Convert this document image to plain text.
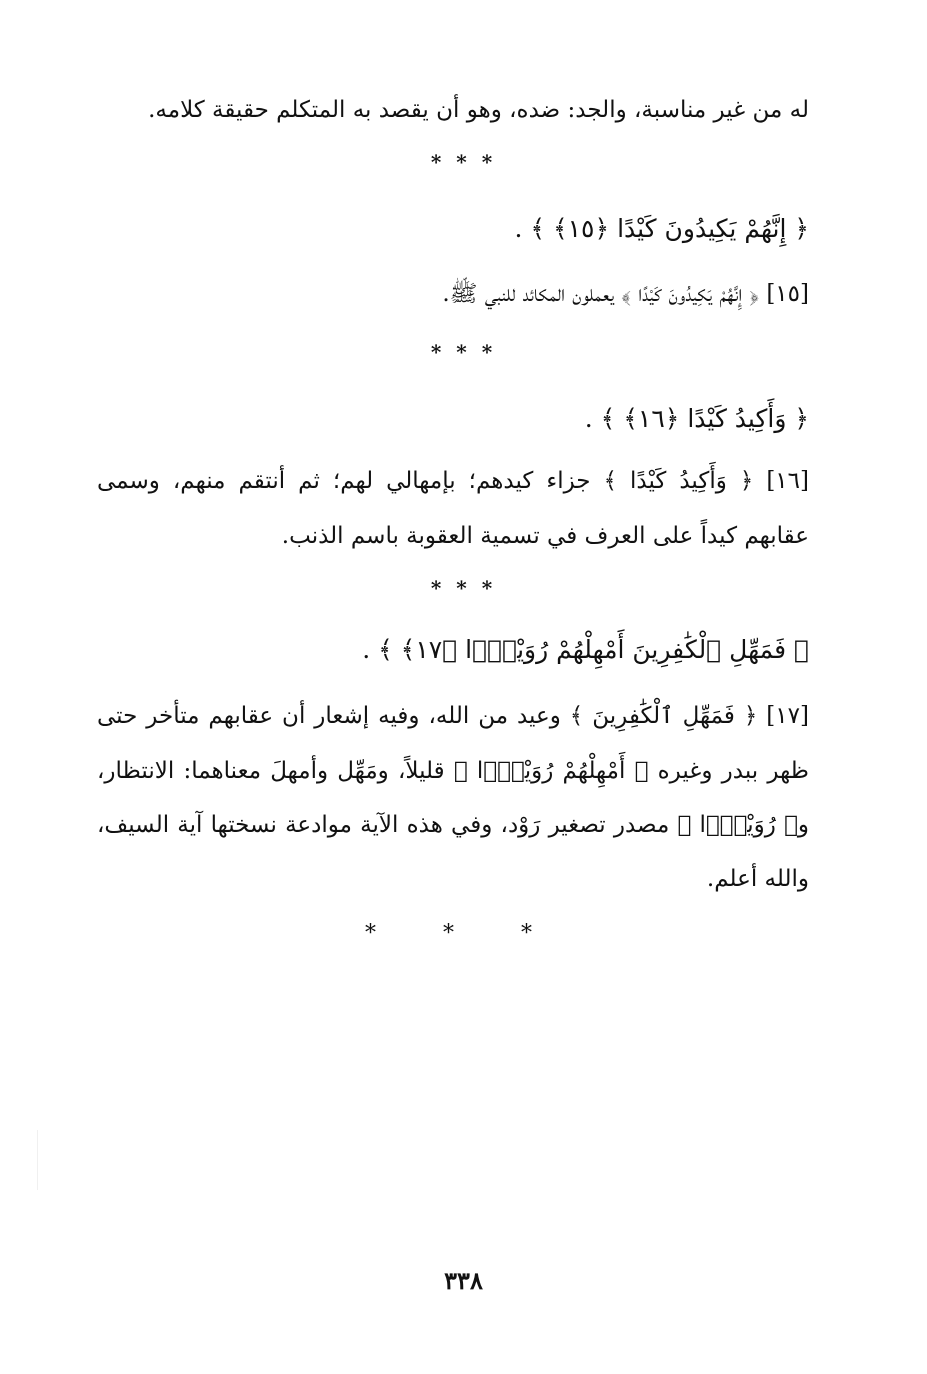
له من غير مناسبة، والجد: ضده، وهو أن يقصد به المتكلم حقيقة كلامه.
* * *
﴿ إِنَّهُمْ يَكِيدُونَ كَيْدًا ﴿١٥﴾ ﴾ .
[١٥] ﴿ إِنَّهُمْ يَكِيدُونَ كَيْدًا ﴾ يعملون المكائد للنبي ﷺ.
* * *
﴿ وَأَكِيدُ كَيْدًا ﴿١٦﴾ ﴾ .
[١٦] ﴿ وَأَكِيدُ كَيْدًا ﴾ جزاء كيدهم؛ بإمهالي لهم؛ ثم أنتقم منهم، وسمى
عقابهم كيداً على العرف في تسمية العقوبة باسم الذنب.
* * *
﴿ فَمَهِّلِ ٱلْكَٰفِرِينَ أَمْهِلْهُمْ رُوَيْدًۢا ﴿١٧﴾ ﴾ .
[١٧] ﴿ فَمَهِّلِ ٱلْكَٰفِرِينَ ﴾ وعيد من الله، وفيه إشعار أن عقابهم متأخر حتى
ظهر ببدر وغيره ﴿ أَمْهِلْهُمْ رُوَيْدًۢا ﴾ قليلاً، ومَهِّل وأمهلَ معناهما: الانتظار،
و﴿ رُوَيْدًۢا ﴾ مصدر تصغير رَوْد، وفي هذه الآية موادعة نسختها آية السيف،
والله أعلم.
* * *
٣٣٨
